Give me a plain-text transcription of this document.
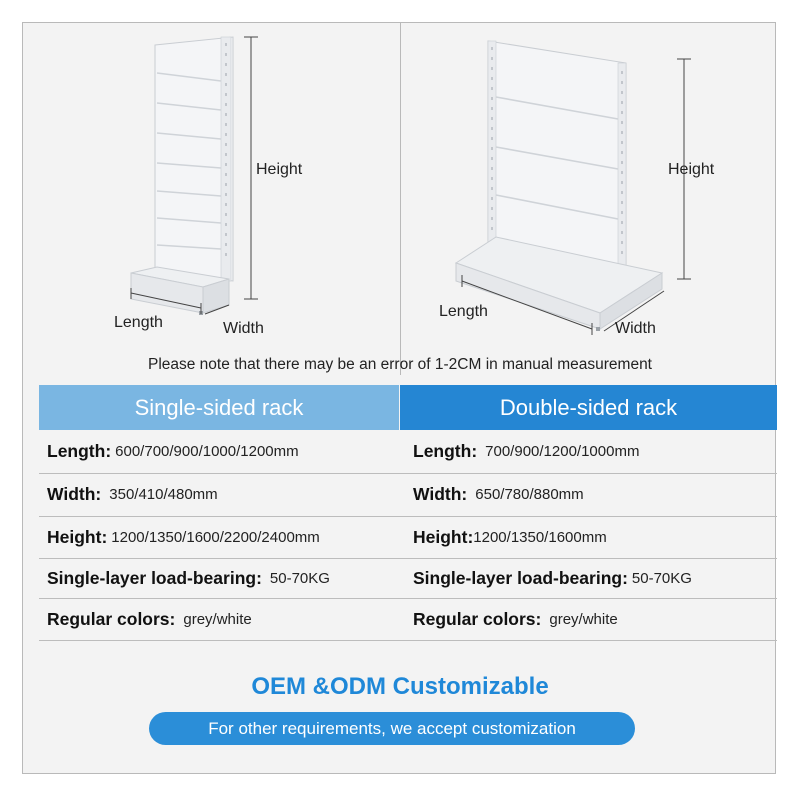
Height
Length	Width
Height
Length
Width
Please note that there may be an error of 1-2CM in manual measurement
Single-sided rack	Double-sided rack
Length: 600/700/900/1000/1200mm	Length: 700/900/1200/1000mm
Width: 350/410/480mm	Width: 650/780/880mm
Height: 1200/1350/1600/2200/2400mm	Height: 1200/1350/1600mm
Single-layer load-bearing: 50-70KG	Single-layer load-bearing: 50-70KG
Regular colors: grey/white	Regular colors: grey/white
OEM &ODM Customizable
For other requirements, we accept customization
